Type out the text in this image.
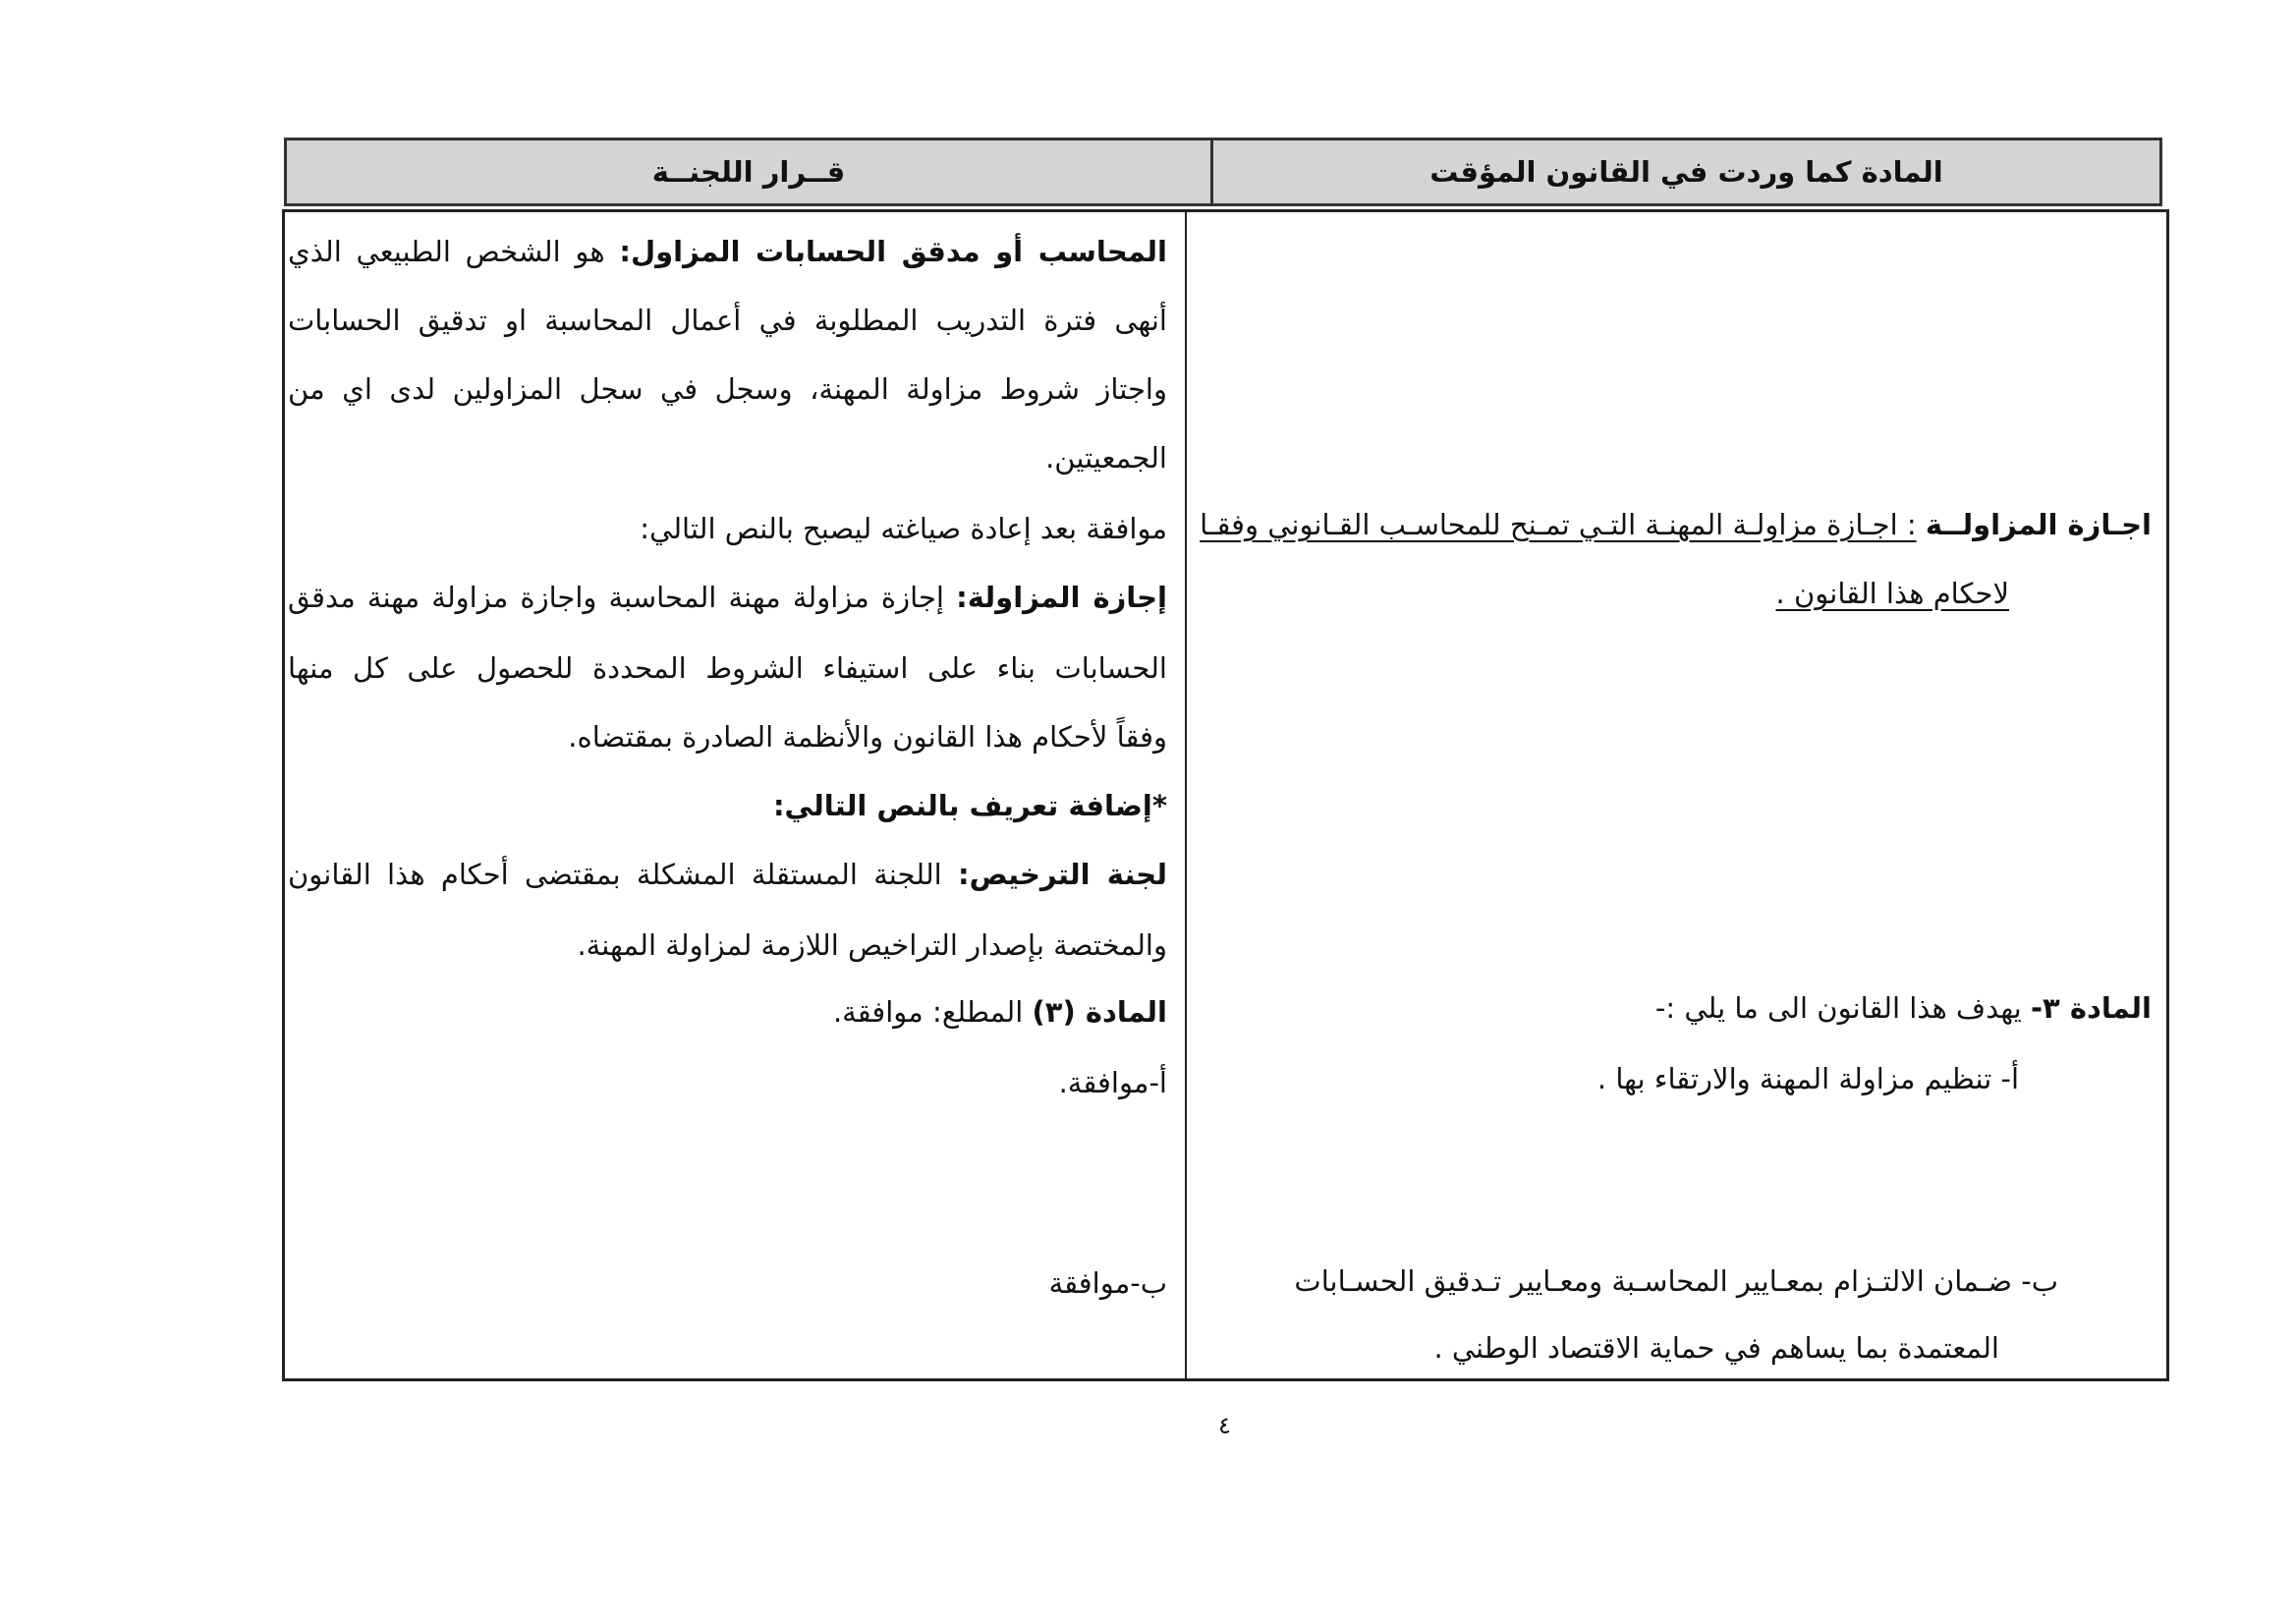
المادة كما وردت في القانون المؤقت
قــرار اللجنــة
المحاسب أو مدقق الحسابات المزاول: هو الشخص الطبيعي الذي
أنهى فترة التدريب المطلوبة في أعمال المحاسبة او تدقيق الحسابات
واجتاز شروط مزاولة المهنة، وسجل في سجل المزاولين لدى اي من
الجمعيتين.
موافقة بعد إعادة صياغته ليصبح بالنص التالي:
إجازة المزاولة: إجازة مزاولة مهنة المحاسبة واجازة مزاولة مهنة مدقق
الحسابات بناء على استيفاء الشروط المحددة للحصول على كل منها
وفقاً لأحكام هذا القانون والأنظمة الصادرة بمقتضاه.
*إضافة تعريف بالنص التالي:
لجنة الترخيص: اللجنة المستقلة المشكلة بمقتضى أحكام هذا القانون
والمختصة بإصدار التراخيص اللازمة لمزاولة المهنة.
المادة (٣) المطلع: موافقة.
أ-موافقة.
ب-موافقة
اجـازة المزاولــة : اجـازة مزاولـة المهنـة التـي تمـنح للمحاسـب القـانوني وفقـا
لاحكام هذا القانون .
المادة ٣- يهدف هذا القانون الى ما يلي :-
أ- تنظيم مزاولة المهنة والارتقاء بها .
ب- ضـمان الالتـزام بمعـايير المحاسـبة ومعـايير تـدقيق الحسـابات
المعتمدة بما يساهم في حماية الاقتصاد الوطني .
٤
